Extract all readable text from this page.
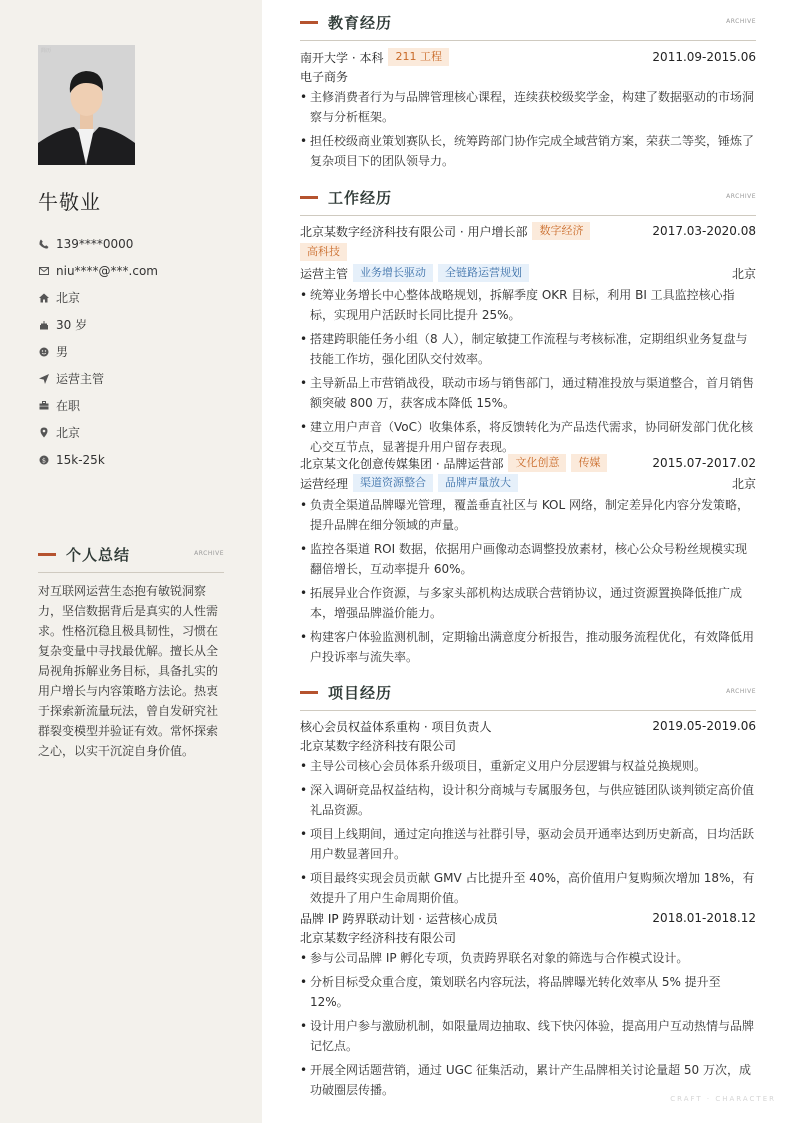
简历
牛敬业
139****0000
niu****@***.com
北京
30 岁
男
运营主管
在职
北京
$ 15k-25k
个人总结	ARCHIVE
对互联网运营生态抱有敏锐洞察力，坚信数据背后是真实的人性需求。性格沉稳且极具韧性，习惯在复杂变量中寻找最优解。擅长从全局视角拆解业务目标，具备扎实的用户增长与内容策略方法论。热衷于探索新流量玩法，曾自发研究社群裂变模型并验证有效。常怀探索之心，以实干沉淀自身价值。
教育经历	ARCHIVE
南开大学 · 本科	211 工程	2011.09-2015.06
电子商务
• 主修消费者行为与品牌管理核心课程，连续获校级奖学金，构建了数据驱动的市场洞察与分析框架。
• 担任校级商业策划赛队长，统筹跨部门协作完成全域营销方案，荣获二等奖，锤炼了复杂项目下的团队领导力。
工作经历	ARCHIVE
北京某数字经济科技有限公司 · 用户增长部	数字经济	2017.03-2020.08
高科技
运营主管	业务增长驱动	全链路运营规划	北京
• 统筹业务增长中心整体战略规划，拆解季度 OKR 目标，利用 BI 工具监控核心指标，实现用户活跃时长同比提升 25%。
• 搭建跨职能任务小组（8 人），制定敏捷工作流程与考核标准，定期组织业务复盘与技能工作坊，强化团队交付效率。
• 主导新品上市营销战役，联动市场与销售部门，通过精准投放与渠道整合，首月销售额突破 800 万，获客成本降低 15%。
• 建立用户声音（VoC）收集体系，将反馈转化为产品迭代需求，协同研发部门优化核心交互节点，显著提升用户留存表现。
北京某文化创意传媒集团 · 品牌运营部	文化创意	传媒	2015.07-2017.02
运营经理	渠道资源整合	品牌声量放大	北京
• 负责全渠道品牌曝光管理，覆盖垂直社区与 KOL 网络，制定差异化内容分发策略，提升品牌在细分领域的声量。
• 监控各渠道 ROI 数据，依据用户画像动态调整投放素材，核心公众号粉丝规模实现翻倍增长，互动率提升 60%。
• 拓展异业合作资源，与多家头部机构达成联合营销协议，通过资源置换降低推广成本，增强品牌溢价能力。
• 构建客户体验监测机制，定期输出满意度分析报告，推动服务流程优化，有效降低用户投诉率与流失率。
项目经历	ARCHIVE
核心会员权益体系重构 · 项目负责人	2019.05-2019.06
北京某数字经济科技有限公司
• 主导公司核心会员体系升级项目，重新定义用户分层逻辑与权益兑换规则。
• 深入调研竞品权益结构，设计积分商城与专属服务包，与供应链团队谈判锁定高价值礼品资源。
• 项目上线期间，通过定向推送与社群引导，驱动会员开通率达到历史新高，日均活跃用户数显著回升。
• 项目最终实现会员贡献 GMV 占比提升至 40%，高价值用户复购频次增加 18%，有效提升了用户生命周期价值。
品牌 IP 跨界联动计划 · 运营核心成员	2018.01-2018.12
北京某数字经济科技有限公司
• 参与公司品牌 IP 孵化专项，负责跨界联名对象的筛选与合作模式设计。
• 分析目标受众重合度，策划联名内容玩法，将品牌曝光转化效率从 5% 提升至 12%。
• 设计用户参与激励机制，如限量周边抽取、线下快闪体验，提高用户互动热情与品牌记忆点。
• 开展全网话题营销，通过 UGC 征集活动，累计产生品牌相关讨论量超 50 万次，成功破圈层传播。
CRAFT · CHARACTER
